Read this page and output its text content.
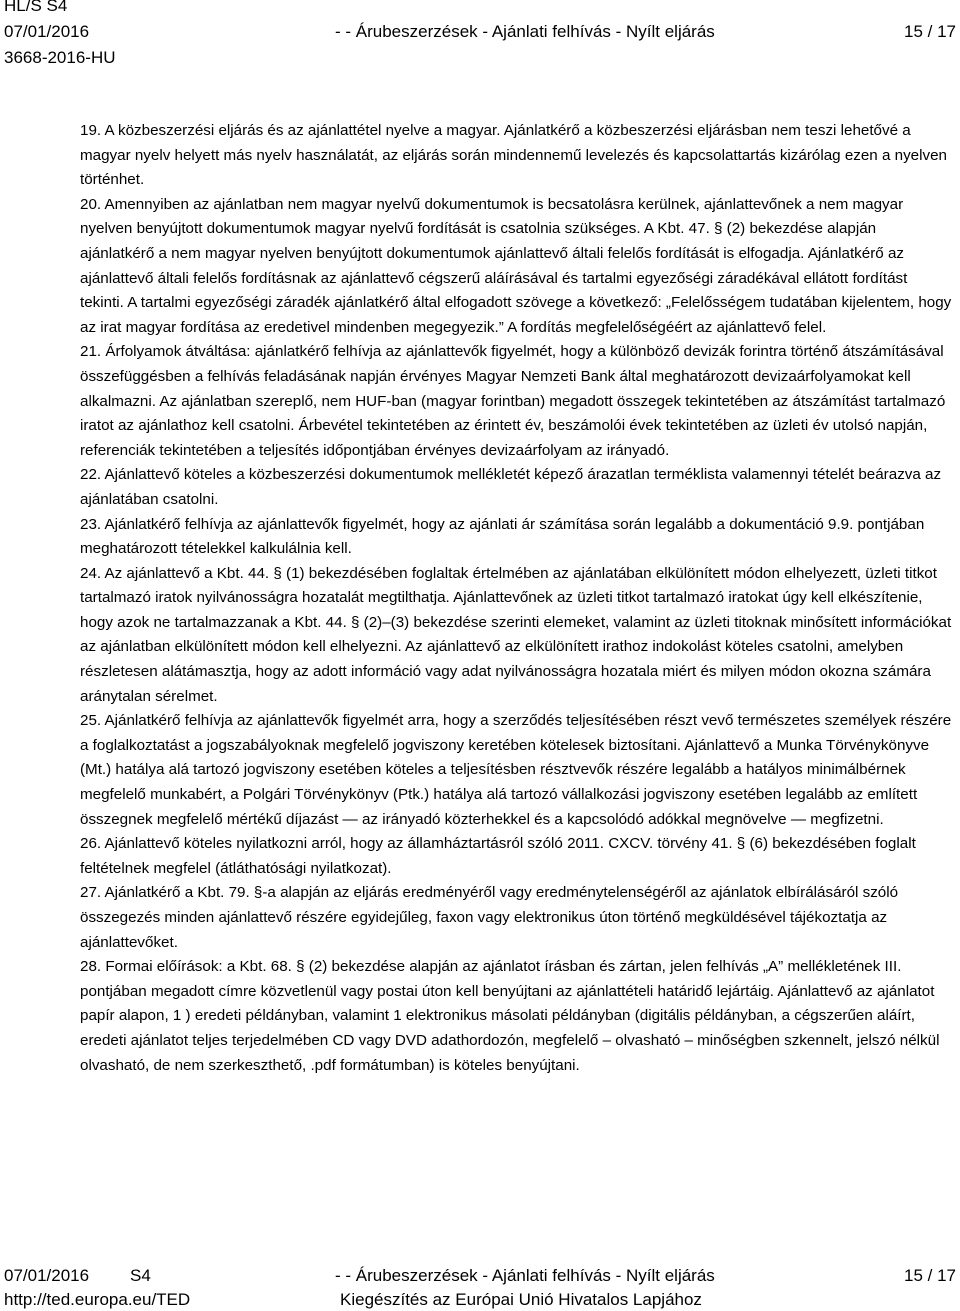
HL/S S4
07/01/2016
3668-2016-HU
- - Árubeszerzések - Ajánlati felhívás - Nyílt eljárás	15 / 17

19. A közbeszerzési eljárás és az ajánlattétel nyelve a magyar. Ajánlatkérő a közbeszerzési eljárásban nem teszi lehetővé a magyar nyelv helyett más nyelv használatát, az eljárás során mindennemű levelezés és kapcsolattartás kizárólag ezen a nyelven történhet.

20. Amennyiben az ajánlatban nem magyar nyelvű dokumentumok is becsatolásra kerülnek, ajánlattevőnek a nem magyar nyelven benyújtott dokumentumok magyar nyelvű fordítását is csatolnia szükséges. A Kbt. 47. § (2) bekezdése alapján ajánlatkérő a nem magyar nyelven benyújtott dokumentumok ajánlattevő általi felelős fordítását is elfogadja. Ajánlatkérő az ajánlattevő általi felelős fordításnak az ajánlattevő cégszerű aláírásával és tartalmi egyezőségi záradékával ellátott fordítást tekinti. A tartalmi egyezőségi záradék ajánlatkérő által elfogadott szövege a következő: „Felelősségem tudatában kijelentem, hogy az irat magyar fordítása az eredetivel mindenben megegyezik.” A fordítás megfelelőségéért az ajánlattevő felel.

21. Árfolyamok átváltása: ajánlatkérő felhívja az ajánlattevők figyelmét, hogy a különböző devizák forintra történő átszámításával összefüggésben a felhívás feladásának napján érvényes Magyar Nemzeti Bank által meghatározott devizaárfolyamokat kell alkalmazni. Az ajánlatban szereplő, nem HUF-ban (magyar forintban) megadott összegek tekintetében az átszámítást tartalmazó iratot az ajánlathoz kell csatolni. Árbevétel tekintetében az érintett év, beszámolói évek tekintetében az üzleti év utolsó napján, referenciák tekintetében a teljesítés időpontjában érvényes devizaárfolyam az irányadó.

22. Ajánlattevő köteles a közbeszerzési dokumentumok mellékletét képező árazatlan terméklista valamennyi tételét beárazva az ajánlatában csatolni.

23. Ajánlatkérő felhívja az ajánlattevők figyelmét, hogy az ajánlati ár számítása során legalább a dokumentáció 9.9. pontjában meghatározott tételekkel kalkulálnia kell.

24. Az ajánlattevő a Kbt. 44. § (1) bekezdésében foglaltak értelmében az ajánlatában elkülönített módon elhelyezett, üzleti titkot tartalmazó iratok nyilvánosságra hozatalát megtilthatja. Ajánlattevőnek az üzleti titkot tartalmazó iratokat úgy kell elkészítenie, hogy azok ne tartalmazzanak a Kbt. 44. § (2)–(3) bekezdése szerinti elemeket, valamint az üzleti titoknak minősített információkat az ajánlatban elkülönített módon kell elhelyezni. Az ajánlattevő az elkülönített irathoz indokolást köteles csatolni, amelyben részletesen alátámasztja, hogy az adott információ vagy adat nyilvánosságra hozatala miért és milyen módon okozna számára aránytalan sérelmet.

25. Ajánlatkérő felhívja az ajánlattevők figyelmét arra, hogy a szerződés teljesítésében részt vevő természetes személyek részére a foglalkoztatást a jogszabályoknak megfelelő jogviszony keretében kötelesek biztosítani. Ajánlattevő a Munka Törvénykönyve (Mt.) hatálya alá tartozó jogviszony esetében köteles a teljesítésben résztvevők részére legalább a hatályos minimálbérnek megfelelő munkabért, a Polgári Törvénykönyv (Ptk.) hatálya alá tartozó vállalkozási jogviszony esetében legalább az említett összegnek megfelelő mértékű díjazást — az irányadó közterhekkel és a kapcsolódó adókkal megnövelve — megfizetni.

26. Ajánlattevő köteles nyilatkozni arról, hogy az államháztartásról szóló 2011. CXCV. törvény 41. § (6) bekezdésében foglalt feltételnek megfelel (átláthatósági nyilatkozat).

27. Ajánlatkérő a Kbt. 79. §-a alapján az eljárás eredményéről vagy eredménytelenségéről az ajánlatok elbírálásáról szóló összegezés minden ajánlattevő részére egyidejűleg, faxon vagy elektronikus úton történő megküldésével tájékoztatja az ajánlattevőket.

28. Formai előírások: a Kbt. 68. § (2) bekezdése alapján az ajánlatot írásban és zártan, jelen felhívás „A” mellékletének III. pontjában megadott címre közvetlenül vagy postai úton kell benyújtani az ajánlattételi határidő lejártáig. Ajánlattevő az ajánlatot papír alapon, 1 ) eredeti példányban, valamint 1 elektronikus másolati példányban (digitális példányban, a cégszerűen aláírt, eredeti ajánlatot teljes terjedelmében CD vagy DVD adathordozón, megfelelő – olvasható – minőségben szkennelt, jelszó nélkül olvasható, de nem szerkeszthető, .pdf formátumban) is köteles benyújtani.

07/01/2016 S4
http://ted.europa.eu/TED
- - Árubeszerzések - Ajánlati felhívás - Nyílt eljárás
Kiegészítés az Európai Unió Hivatalos Lapjához
15 / 17
